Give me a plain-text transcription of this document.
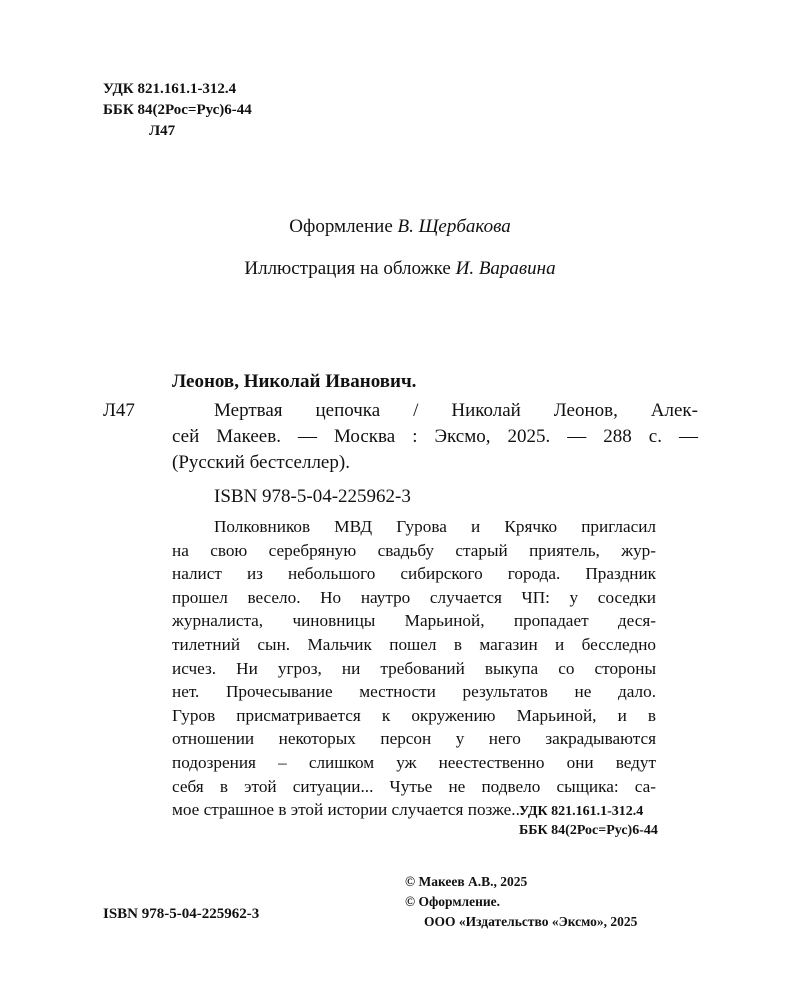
УДК 821.161.1-312.4
ББК 84(2Рос=Рус)6-44
Л47
Оформление В. Щербакова
Иллюстрация на обложке И. Варавина
Леонов, Николай Иванович.
Л47	Мертвая цепочка / Николай Леонов, Алек-
сей Макеев. — Москва : Эксмо, 2025. — 288 с. —
(Русский бестселлер).
ISBN 978-5-04-225962-3
Полковников МВД Гурова и Крячко пригласил
на свою серебряную свадьбу старый приятель, жур-
налист из небольшого сибирского города. Праздник
прошел весело. Но наутро случается ЧП: у соседки
журналиста, чиновницы Марьиной, пропадает деся-
тилетний сын. Мальчик пошел в магазин и бесследно
исчез. Ни угроз, ни требований выкупа со стороны
нет. Прочесывание местности результатов не дало.
Гуров присматривается к окружению Марьиной, и в
отношении некоторых персон у него закрадываются
подозрения – слишком уж неестественно они ведут
себя в этой ситуации... Чутье не подвело сыщика: са-
мое страшное в этой истории случается позже...
УДК 821.161.1-312.4
ББК 84(2Рос=Рус)6-44
ISBN 978-5-04-225962-3
© Макеев А.В., 2025
© Оформление.
ООО «Издательство «Эксмо», 2025
